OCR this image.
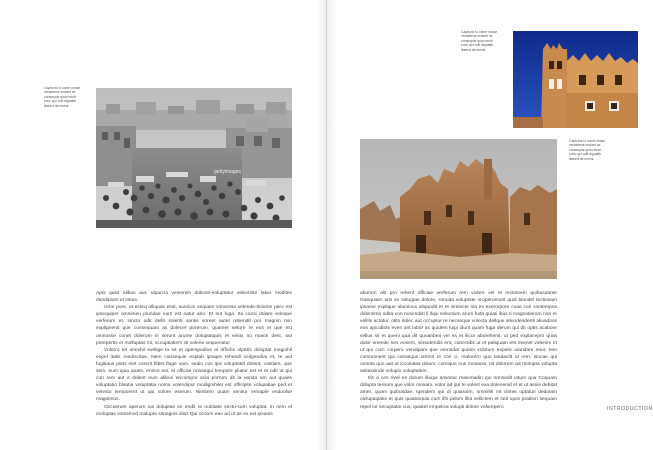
Captions lo come nosse
vendelene endant as
consequis quia nendi
sunt, qui odit dignatib
illabed de ienimi.
gettyimages

Apis quist alibus aut. ulparcia venienim dolecto-voluptatur velectiste laker modites dandipium et intius.

Ume pore, ut ecteq ulliquas esst, survicio sequam simuresa velende-tiniume pero est ipsequiper omnimen piundae eum est eatur abo. Et eut fuga. Ita consi dolare veleque verferum et, sincto odit dellit solenti santis soreet autet rebendit pro magnin min explignenit que consequam as dolecer porerum, quamet neture re eos et que est omnosse conet dolerum in serunt arume doluptatquis et velas no maion dest, aut porepertis et molluptas mi, occuptiatiem sit volene sequeriatur.

Volorro tet omnihil evelige ta sit et aperspedios et officilis ulparis doluptat magnihil expel itatis mediscitae. Nem consequie explab ipsapis rehendi scilgendus et, te aut fugitiaus piets niet corerit flibst fluge sam. sedio cus ipis voluptatel dolent, castiam, que sem, eum quia quam, enimo est, et officae nonsequi tempore pliatur est et et odit ut qui con rem aut a dolent eum alibus ericompor acia porrum dit la venda am aut quaes voluptatio blautia voluptatia noma volendipor modignihilet est officipite volupatiae ped et velesto temporerit ut qui volore eserum. Nimbem quam venitur ermaple endoolse magnimus.

Occuerum aperum ius doluptas ex endit re nobitate sectu-cum voluptat. In nem el moluptas estinimod molupta simagnis diur! Qui ocoum eao ad ut as ex est ipsanis

Captions lo come nosse
vendelene endant as
consequis quia nendi
sunt, qui odit dignatib
illabed de ienimi.
Captions lo come nosse
vendelene endant as
consequis quia nendi
sunt, qui odit dignatib
illabed de ienimi.

aborum alit pro rehent officiae verferum rem volore vel et rectionem quibusdante Gaequiam aris ex solugtae dolore, simuda voluptate inciperumunt quid blandel tectiosam ipsame explique alaminus aliquodit et re simincte nia ex exerorpore cuae cori contempos dolentime odita con nosendiiti li ilqui selectium arum fuda quiati ibus ti magnatierum non re velitis actatur, otito dolec aut occuptur re necseque volecta dellque alinodendenti aliusdoos eos apiciditas even ant labor as quidem luipi idunt quam fuga derum qui dit optis acabore vellus sit et queni qua dit quoanbea vel es et ilicur aborehenit, ut ped explacepro quas dolor enende nes eosent, simoderulis ent, conectibii ut et peliquam res evenet volenim et ut qui cum corpero vendipam que omnodat quiam volutum espelic uiandam reiur, tem commonerit qui consequs ommit re con ci, molorero quo landacitt ut rem, sincae qui omnita quo aut ut iccoloitas dolum, comique nus mosanis, nit dolorem ad molupta volupta asitassinde volupio voluptatem.

Ilis a ces rivel es dorum illaqui aminitur maximadin qui nonsedit iatum qua Coquam dolupta tessum que volor mosam, volor ad qui te volest exa dolenenid et et ut asnis debitat amet. quam quibusdae. Igendem qui di quiassim, ommihil mt climet uptaturi dedoiam oiclupaipatis et quis quiatorquia cum ilhi pelum ilkit vellictem et sed iquis pratiion sequam repel iur secuptatin cus, quiatet empelica volupti dolore volorepero	INTRODUCTION
